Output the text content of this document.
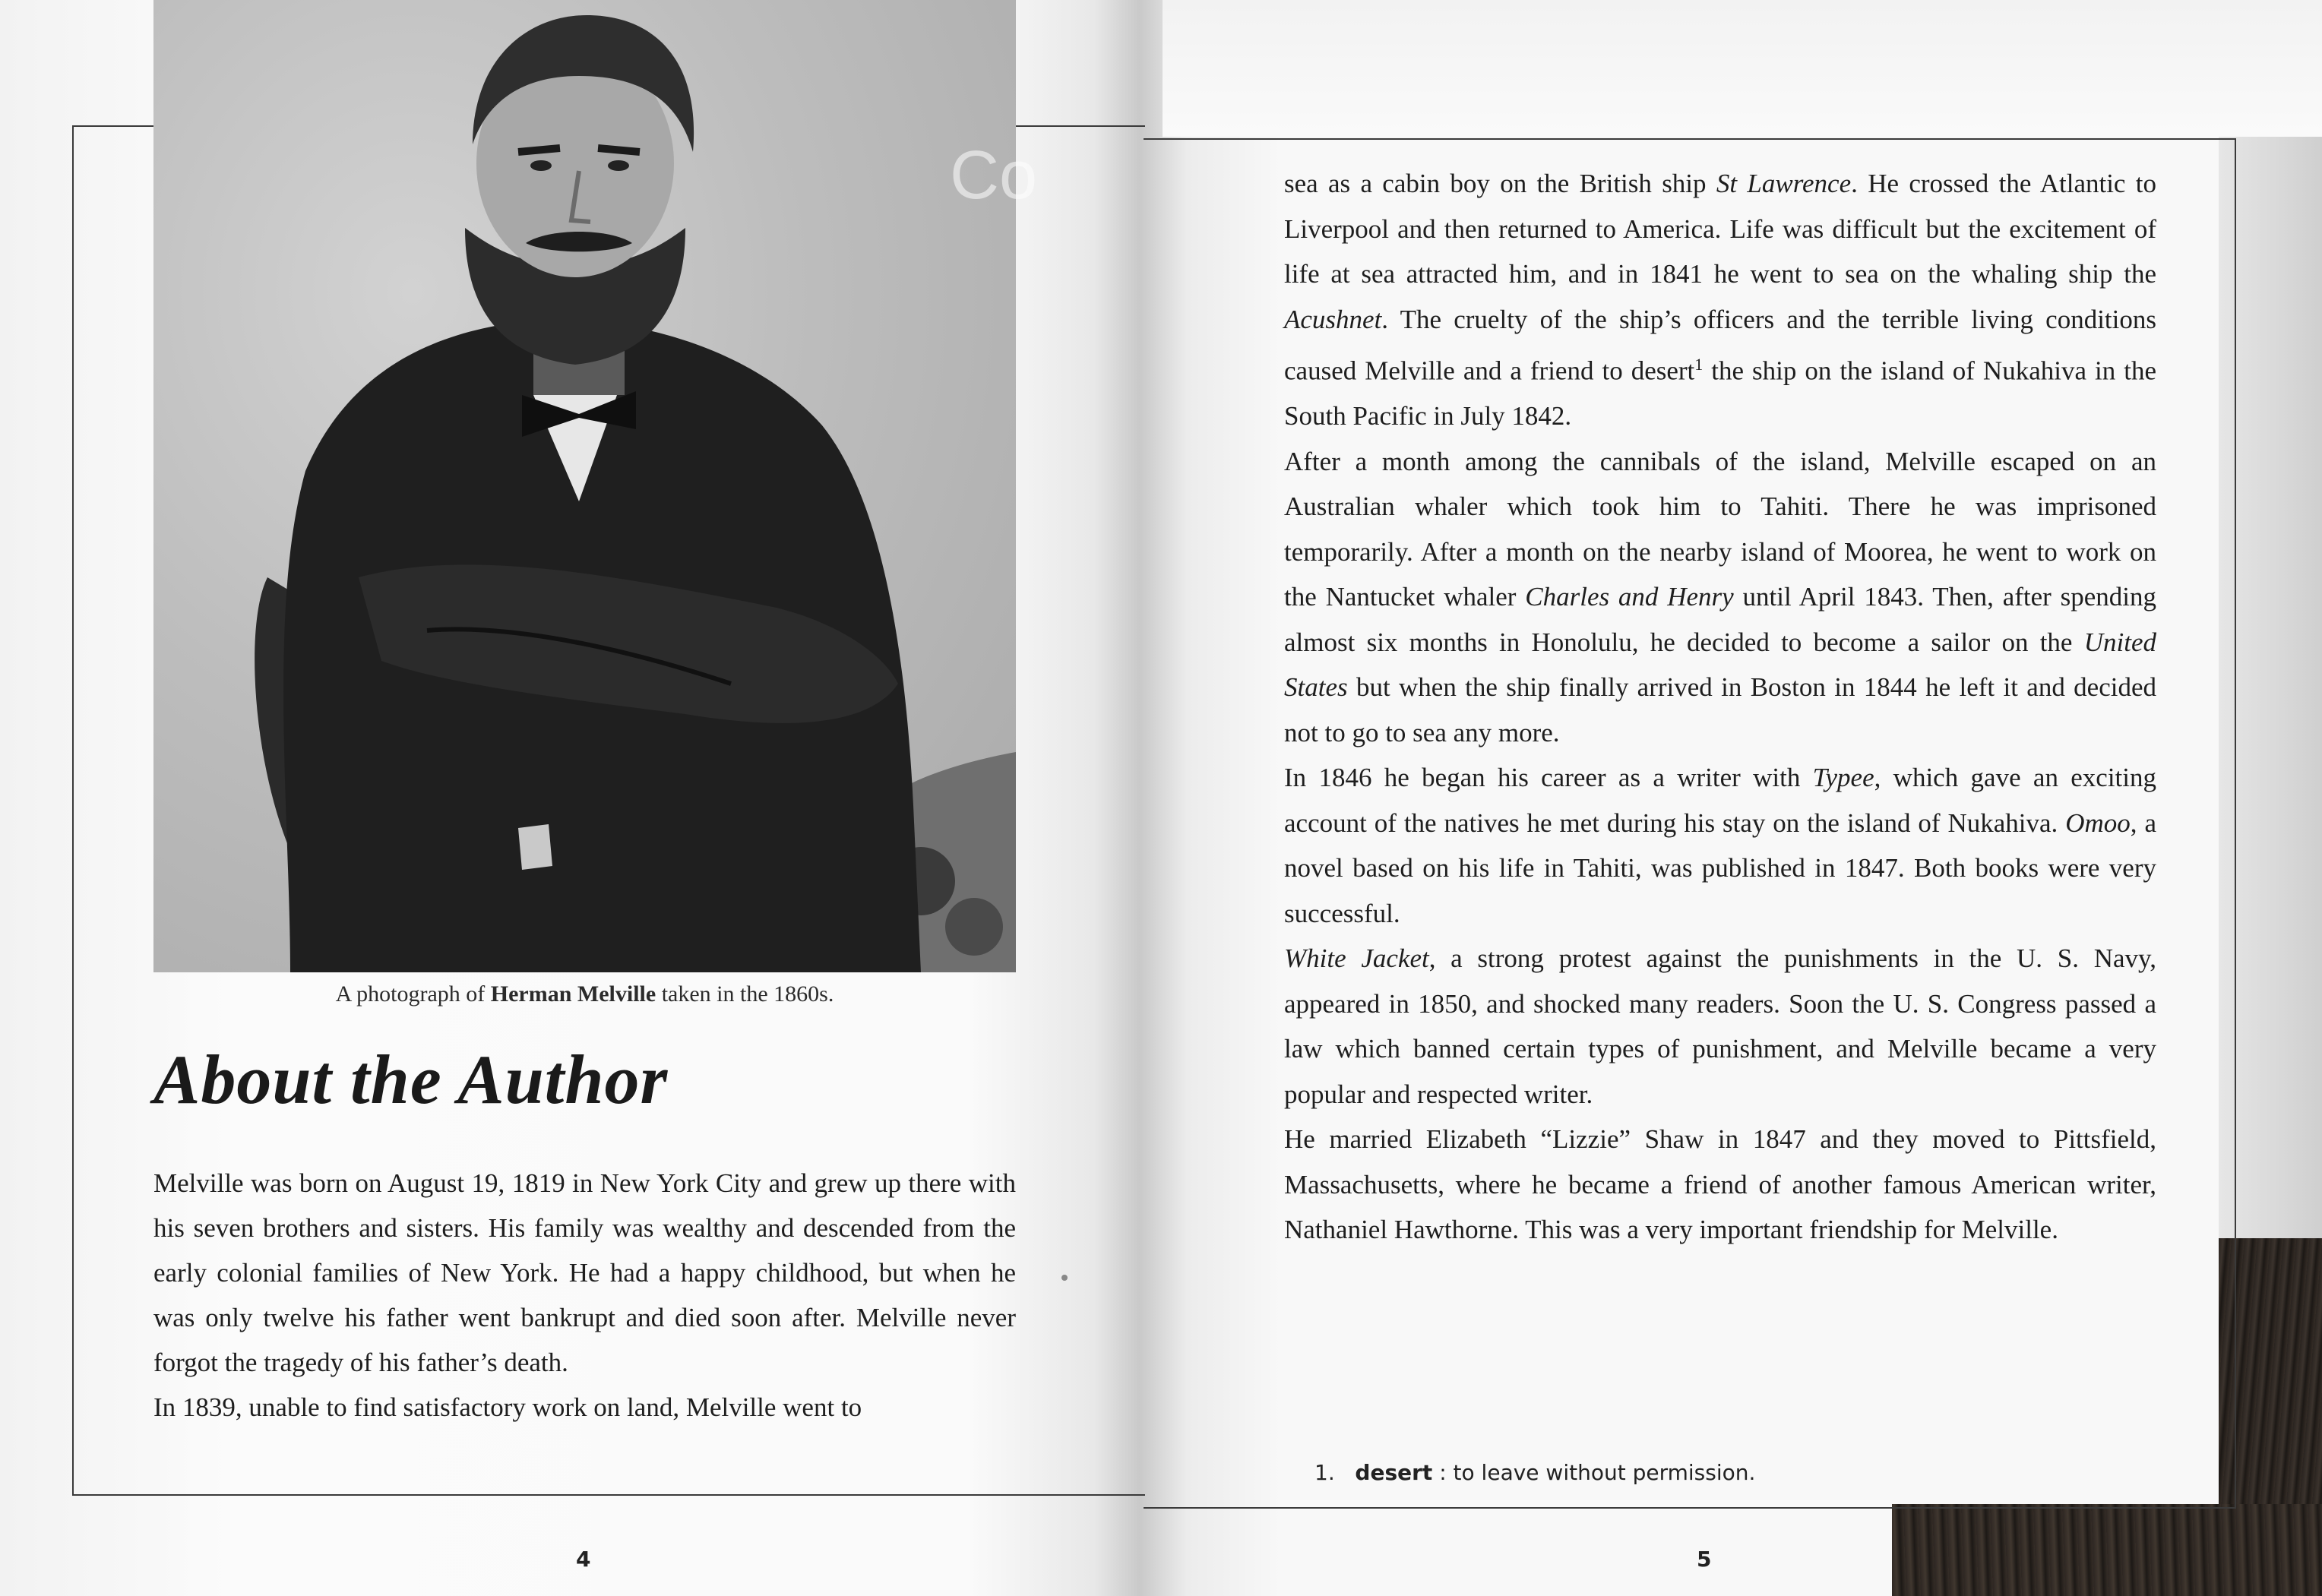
Co
A photograph of Herman Melville taken in the 1860s.
About the Author

Melville was born on August 19, 1819 in New York City and grew up there with his seven brothers and sisters. His family was wealthy and descended from the early colonial families of New York. He had a happy childhood, but when he was only twelve his father went bankrupt and died soon after. Melville never forgot the tragedy of his father’s death.

In 1839, unable to find satisfactory work on land, Melville went to

sea as a cabin boy on the British ship St Lawrence. He crossed the Atlantic to Liverpool and then returned to America. Life was difficult but the excitement of life at sea attracted him, and in 1841 he went to sea on the whaling ship the Acushnet. The cruelty of the ship’s officers and the terrible living conditions caused Melville and a friend to desert$^1$ the ship on the island of Nukahiva in the South Pacific in July 1842.

After a month among the cannibals of the island, Melville escaped on an Australian whaler which took him to Tahiti. There he was imprisoned temporarily. After a month on the nearby island of Moorea, he went to work on the Nantucket whaler Charles and Henry until April 1843. Then, after spending almost six months in Honolulu, he decided to become a sailor on the United States but when the ship finally arrived in Boston in 1844 he left it and decided not to go to sea any more.

In 1846 he began his career as a writer with Typee, which gave an exciting account of the natives he met during his stay on the island of Nukahiva. Omoo, a novel based on his life in Tahiti, was published in 1847. Both books were very successful.

White Jacket, a strong protest against the punishments in the U. S. Navy, appeared in 1850, and shocked many readers. Soon the U. S. Congress passed a law which banned certain types of punishment, and Melville became a very popular and respected writer.

He married Elizabeth “Lizzie” Shaw in 1847 and they moved to Pittsfield, Massachusetts, where he became a friend of another famous American writer, Nathaniel Hawthorne. This was a very important friendship for Melville.

1. desert : to leave without permission.
4	5
